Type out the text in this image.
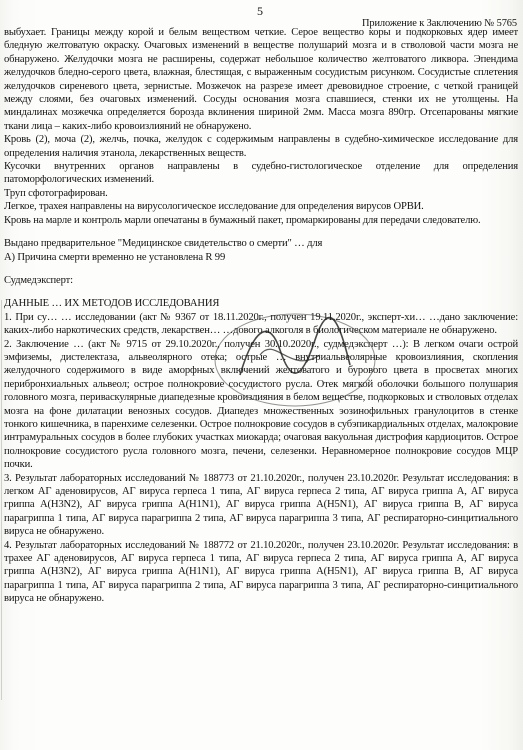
5
Приложение к Заключению № 5765

выбухает. Границы между корой и белым веществом четкие. Серое вещество коры и подкорковых ядер имеет бледную желтоватую окраску. Очаговых изменений в веществе полушарий мозга и в стволовой части мозга не обнаружено. Желудочки мозга не расширены, содержат небольшое количество желтоватого ликвора. Эпендима желудочков бледно-серого цвета, влажная, блестящая, с выраженным сосудистым рисунком. Сосудистые сплетения желудочков сиреневого цвета, зернистые. Мозжечок на разрезе имеет древовидное строение, с четкой границей между слоями, без очаговых изменений. Сосуды основания мозга спавшиеся, стенки их не утолщены. На миндалинах мозжечка определяется борозда вклинения шириной 2мм. Масса мозга 890гр. Отсепарованы мягкие ткани лица – каких-либо кровоизлияний не обнаружено.

Кровь (2), моча (2), желчь, почка, желудок с содержимым направлены в судебно-химическое исследование для определения наличия этанола, лекарственных веществ.

Кусочки внутренних органов направлены в судебно-гистологическое отделение для определения патоморфологических изменений.

Труп сфотографирован.

Легкое, трахея направлены на вирусологическое исследование для определения вирусов ОРВИ.

Кровь на марле и контроль марли опечатаны в бумажный пакет, промаркированы для передачи следователю.

Выдано предварительное "Медицинское свидетельство о смерти" … для

А) Причина смерти временно не установлена R 99

Судмедэксперт:

ДАННЫЕ … ИХ МЕТОДОВ ИССЛЕДОВАНИЯ

1. При су… … исследовании (акт № 9367 от 18.11.2020г., получен 19.11.2020г., эксперт-хи… …дано заключение: каких-либо наркотических средств, лекарствен… …дового алкоголя в биологическом материале не обнаружено.

2. Заключение … (акт № 9715 от 29.10.2020г., получен 30.10.2020г., судмедэксперт …): В легком очаги острой эмфиземы, дистелектаза, альвеолярного отека; острые … внутриальвеолярные кровоизлияния, скопления желудочного содержимого в виде аморфных включений желтоватого и бурового цвета в просветах многих перибронхиальных альвеол; острое полнокровие сосудистого русла. Отек мягкой оболочки большого полушария головного мозга, периваскулярные диапедезные кровоизлияния в белом веществе, подкорковых и стволовых отделах мозга на фоне дилатации венозных сосудов. Диапедез множественных эозинофильных гранулоцитов в стенке тонкого кишечника, в паренхиме селезенки. Острое полнокровие сосудов в субэпикардиальных отделах, малокровие интрамуральных сосудов в более глубоких участках миокарда; очаговая вакуольная дистрофия кардиоцитов. Острое полнокровие сосудистого русла головного мозга, печени, селезенки. Неравномерное полнокровие сосудов МЦР почки.

3. Результат лабораторных исследований № 188773 от 21.10.2020г., получен 23.10.2020г. Результат исследования: в легком АГ аденовирусов, АГ вируса герпеса 1 типа, АГ вируса герпеса 2 типа, АГ вируса гриппа А, АГ вируса гриппа А(H3N2), АГ вируса гриппа А(H1N1), АГ вируса гриппа А(H5N1), АГ вируса гриппа В, АГ вируса парагриппа 1 типа, АГ вируса парагриппа 2 типа, АГ вируса парагриппа 3 типа, АГ респираторно-синцитиального вируса не обнаружено.

4. Результат лабораторных исследований № 188772 от 21.10.2020г., получен 23.10.2020г. Результат исследования: в трахее АГ аденовирусов, АГ вируса герпеса 1 типа, АГ вируса герпеса 2 типа, АГ вируса гриппа А, АГ вируса гриппа А(H3N2), АГ вируса гриппа А(H1N1), АГ вируса гриппа А(H5N1), АГ вируса гриппа В, АГ вируса парагриппа 1 типа, АГ вируса парагриппа 2 типа, АГ вируса парагриппа 3 типа, АГ респираторно-синцитиального вируса не обнаружено.
